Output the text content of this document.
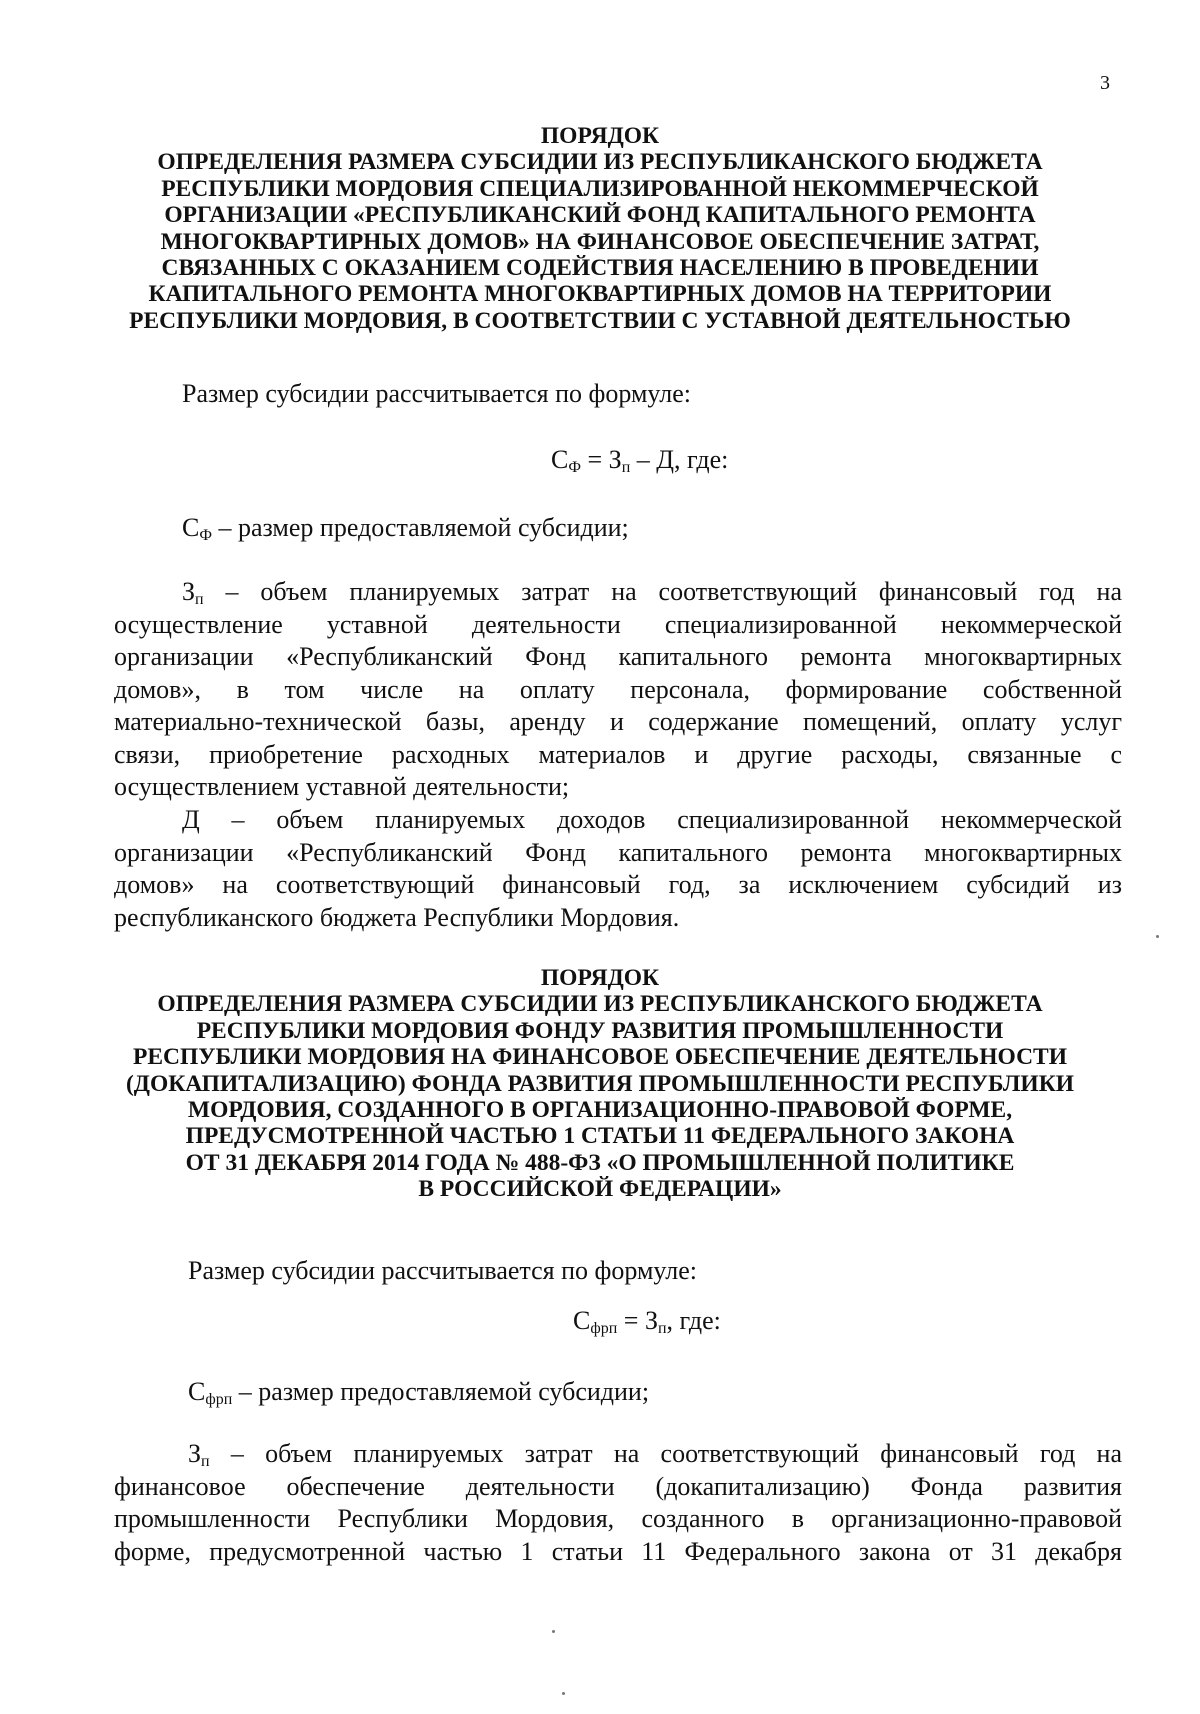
3
ПОРЯДОК
ОПРЕДЕЛЕНИЯ РАЗМЕРА СУБСИДИИ ИЗ РЕСПУБЛИКАНСКОГО БЮДЖЕТА
РЕСПУБЛИКИ МОРДОВИЯ СПЕЦИАЛИЗИРОВАННОЙ НЕКОММЕРЧЕСКОЙ
ОРГАНИЗАЦИИ «РЕСПУБЛИКАНСКИЙ ФОНД КАПИТАЛЬНОГО РЕМОНТА
МНОГОКВАРТИРНЫХ ДОМОВ» НА ФИНАНСОВОЕ ОБЕСПЕЧЕНИЕ ЗАТРАТ,
СВЯЗАННЫХ С ОКАЗАНИЕМ СОДЕЙСТВИЯ НАСЕЛЕНИЮ В ПРОВЕДЕНИИ
КАПИТАЛЬНОГО РЕМОНТА МНОГОКВАРТИРНЫХ ДОМОВ НА ТЕРРИТОРИИ
РЕСПУБЛИКИ МОРДОВИЯ, В СООТВЕТСТВИИ С УСТАВНОЙ ДЕЯТЕЛЬНОСТЬЮ
Размер субсидии рассчитывается по формуле:
$С_Ф = З_п - Д$, где:
$С_Ф$ – размер предоставляемой субсидии;
$З_п$ – объем планируемых затрат на соответствующий финансовый год на
осуществление уставной деятельности специализированной некоммерческой
организации «Республиканский Фонд капитального ремонта многоквартирных
домов», в том числе на оплату персонала, формирование собственной
материально-технической базы, аренду и содержание помещений, оплату услуг
связи, приобретение расходных материалов и другие расходы, связанные с
осуществлением уставной деятельности;
Д – объем планируемых доходов специализированной некоммерческой
организации «Республиканский Фонд капитального ремонта многоквартирных
домов» на соответствующий финансовый год, за исключением субсидий из
республиканского бюджета Республики Мордовия.
ПОРЯДОК
ОПРЕДЕЛЕНИЯ РАЗМЕРА СУБСИДИИ ИЗ РЕСПУБЛИКАНСКОГО БЮДЖЕТА
РЕСПУБЛИКИ МОРДОВИЯ ФОНДУ РАЗВИТИЯ ПРОМЫШЛЕННОСТИ
РЕСПУБЛИКИ МОРДОВИЯ НА ФИНАНСОВОЕ ОБЕСПЕЧЕНИЕ ДЕЯТЕЛЬНОСТИ
(ДОКАПИТАЛИЗАЦИЮ) ФОНДА РАЗВИТИЯ ПРОМЫШЛЕННОСТИ РЕСПУБЛИКИ
МОРДОВИЯ, СОЗДАННОГО В ОРГАНИЗАЦИОННО-ПРАВОВОЙ ФОРМЕ,
ПРЕДУСМОТРЕННОЙ ЧАСТЬЮ 1 СТАТЬИ 11 ФЕДЕРАЛЬНОГО ЗАКОНА
ОТ 31 ДЕКАБРЯ 2014 ГОДА № 488-ФЗ «О ПРОМЫШЛЕННОЙ ПОЛИТИКЕ
В РОССИЙСКОЙ ФЕДЕРАЦИИ»
Размер субсидии рассчитывается по формуле:
$С_{фрп} = З_п$, где:
$С_{фрп}$ – размер предоставляемой субсидии;
$З_п$ – объем планируемых затрат на соответствующий финансовый год на
финансовое обеспечение деятельности (докапитализацию) Фонда развития
промышленности Республики Мордовия, созданного в организационно-правовой
форме, предусмотренной частью 1 статьи 11 Федерального закона от 31 декабря
